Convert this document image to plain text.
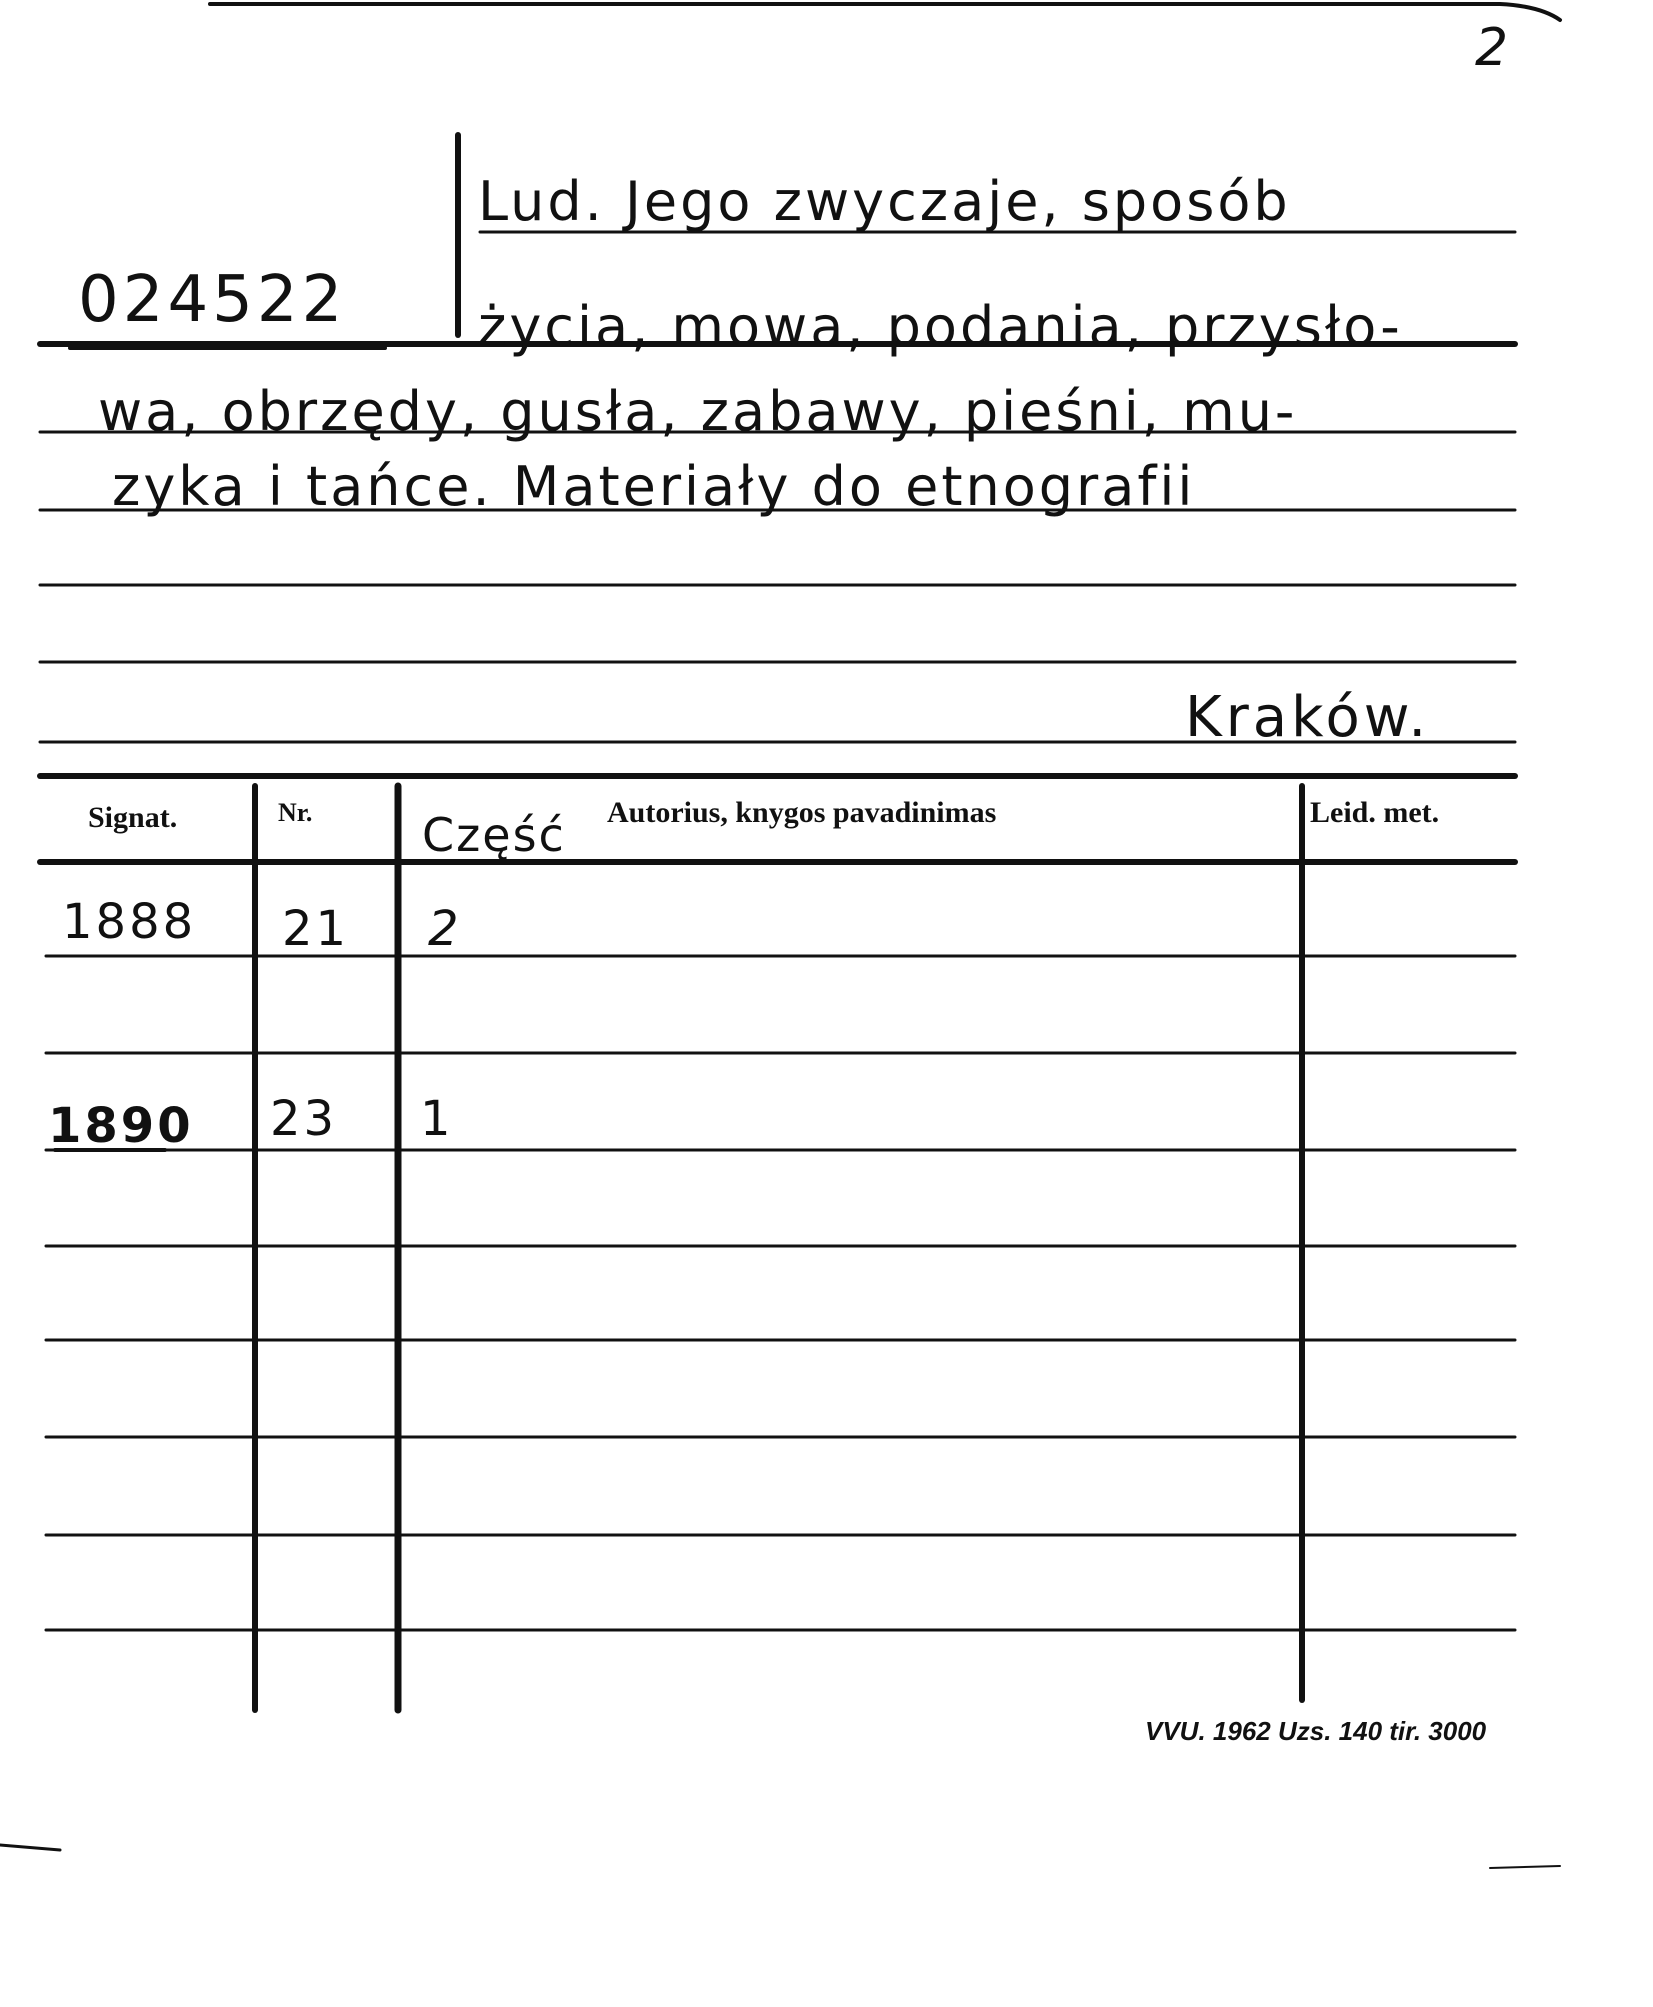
2
024522
Lud. Jego zwyczaje, sposób
życia, mowa, podania, przysło-
wa, obrzędy, gusła, zabawy, pieśni, mu-
zyka i tańce. Materiały do etnografii
Kraków.
Signat.	Nr. Część Autorius, knygos pavadinimas	Leid. met.
1888 21 2
1890 23 1
VVU. 1962 Uzs. 140 tir. 3000
